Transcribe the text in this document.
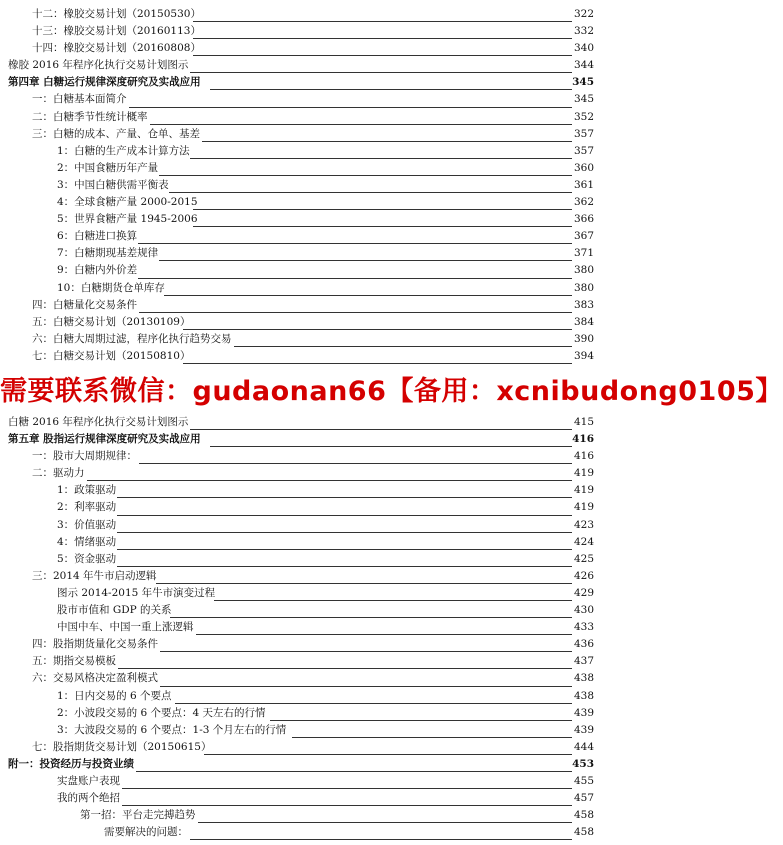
十二：橡胶交易计划（20150530）	322
十三：橡胶交易计划（20160113）	332
十四：橡胶交易计划（20160808）	340
橡胶 2016 年程序化执行交易计划图示	344
第四章 白糖运行规律深度研究及实战应用	345
一：白糖基本面简介	345
二：白糖季节性统计概率	352
三：白糖的成本、产量、仓单、基差	357
1：白糖的生产成本计算方法	357
2：中国食糖历年产量	360
3：中国白糖供需平衡表	361
4：全球食糖产量 2000-2015	362
5：世界食糖产量 1945-2006	366
6：白糖进口换算	367
7：白糖期现基差规律	371
9：白糖内外价差	380
10：白糖期货仓单库存	380
四：白糖量化交易条件	383
五：白糖交易计划（20130109）	384
六：白糖大周期过滤，程序化执行趋势交易	390
七：白糖交易计划（20150810）	394
需要联系微信：gudaonan66【备用：xcnibudong0105】
白糖 2016 年程序化执行交易计划图示	415
第五章 股指运行规律深度研究及实战应用	416
一：股市大周期规律：	416
二：驱动力	419
1：政策驱动	419
2：利率驱动	419
3：价值驱动	423
4：情绪驱动	424
5：资金驱动	425
三：2014 年牛市启动逻辑	426
图示 2014-2015 年牛市演变过程	429
股市市值和 GDP 的关系	430
中国中车、中国一重上涨逻辑	433
四：股指期货量化交易条件	436
五：期指交易模板	437
六：交易风格决定盈利模式	438
1：日内交易的 6 个要点	438
2：小波段交易的 6 个要点：4 天左右的行情	439
3：大波段交易的 6 个要点：1-3 个月左右的行情	439
七：股指期货交易计划（20150615）	444
附一：投资经历与投资业绩	453
实盘账户表现	455
我的两个绝招	457
第一招：平台走完搏趋势	458
需要解决的问题：	458
